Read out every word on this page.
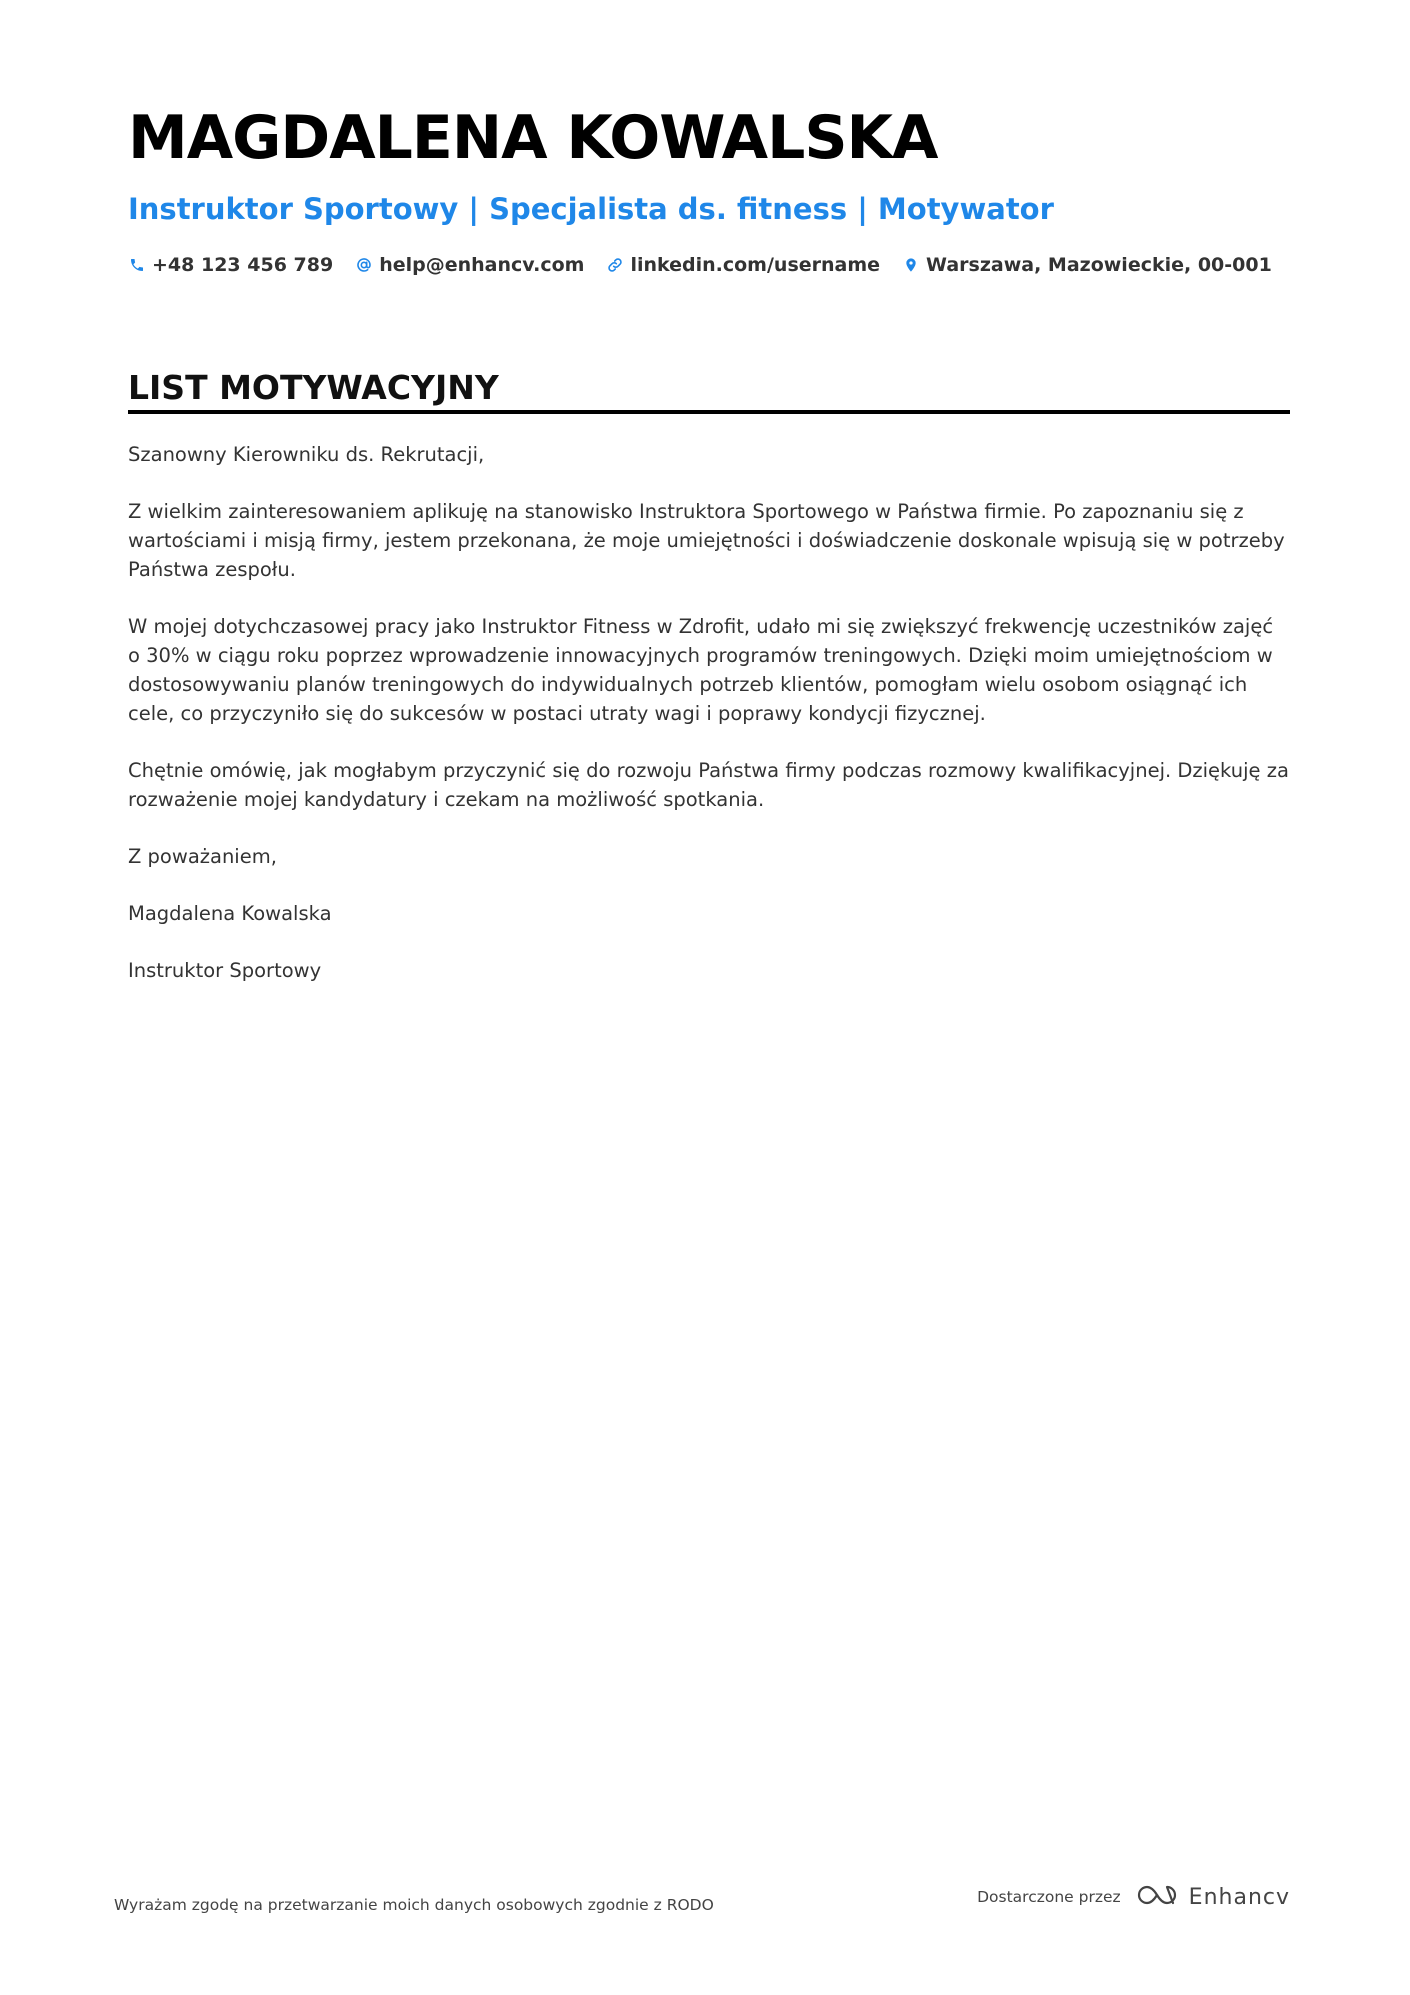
MAGDALENA KOWALSKA
Instruktor Sportowy | Specjalista ds. fitness | Motywator
+48 123 456 789 help@enhancv.com linkedin.com/username Warszawa, Mazowieckie, 00-001
LIST MOTYWACYJNY

Szanowny Kierowniku ds. Rekrutacji,

Z wielkim zainteresowaniem aplikuję na stanowisko Instruktora Sportowego w Państwa firmie. Po zapoznaniu się z wartościami i misją firmy, jestem przekonana, że moje umiejętności i doświadczenie doskonale wpisują się w potrzeby Państwa zespołu.

W mojej dotychczasowej pracy jako Instruktor Fitness w Zdrofit, udało mi się zwiększyć frekwencję uczestników zajęć o 30% w ciągu roku poprzez wprowadzenie innowacyjnych programów treningowych. Dzięki moim umiejętnościom w dostosowywaniu planów treningowych do indywidualnych potrzeb klientów, pomogłam wielu osobom osiągnąć ich cele, co przyczyniło się do sukcesów w postaci utraty wagi i poprawy kondycji fizycznej.

Chętnie omówię, jak mogłabym przyczynić się do rozwoju Państwa firmy podczas rozmowy kwalifikacyjnej. Dziękuję za rozważenie mojej kandydatury i czekam na możliwość spotkania.

Z poważaniem,

Magdalena Kowalska

Instruktor Sportowy

Wyrażam zgodę na przetwarzanie moich danych osobowych zgodnie z RODO	Dostarczone przez	Enhancv
